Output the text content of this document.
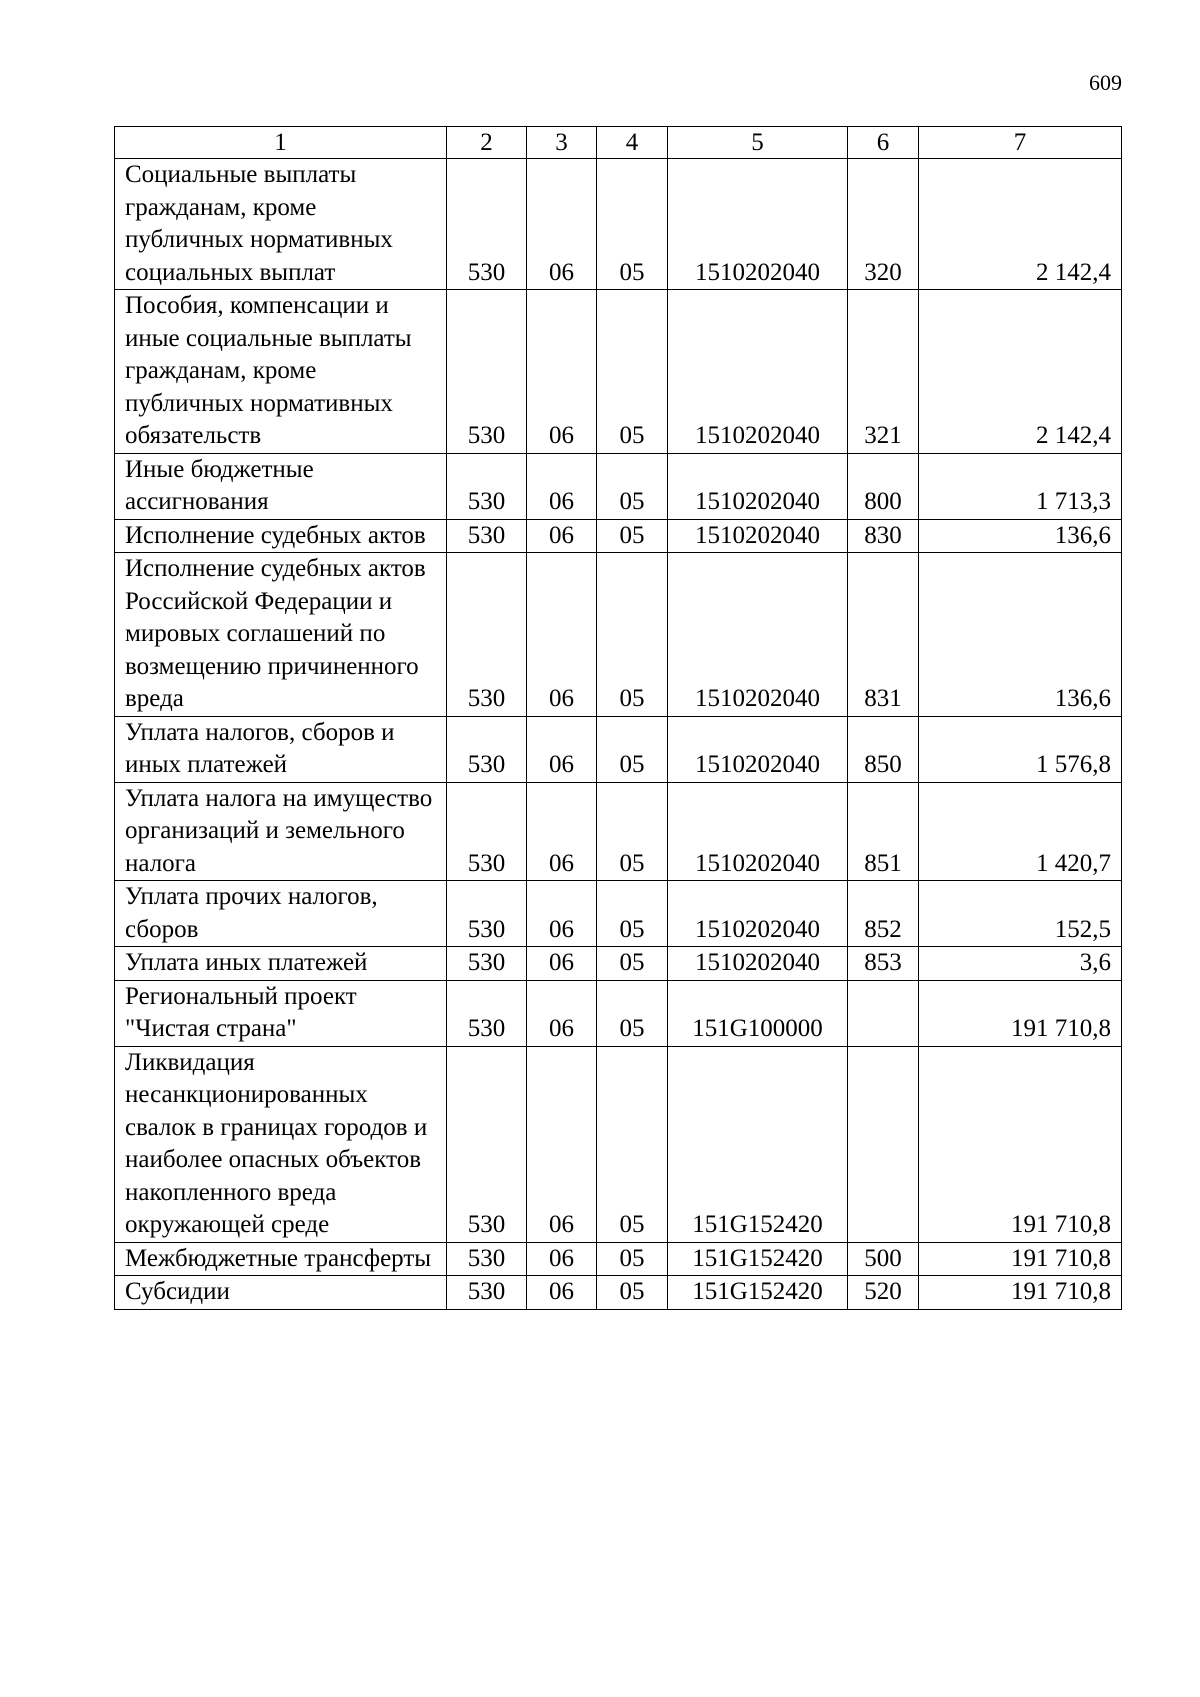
609
1	2	3	4	5	6	7
Социальные выплаты гражданам, кроме публичных нормативных социальных выплат	530	06	05	1510202040	320	2 142,4
Пособия, компенсации и иные социальные выплаты гражданам, кроме публичных нормативных обязательств	530	06	05	1510202040	321	2 142,4
Иные бюджетные ассигнования	530	06	05	1510202040	800	1 713,3
Исполнение судебных актов	530	06	05	1510202040	830	136,6
Исполнение судебных актов Российской Федерации и мировых соглашений по возмещению причиненного вреда	530	06	05	1510202040	831	136,6
Уплата налогов, сборов и иных платежей	530	06	05	1510202040	850	1 576,8
Уплата налога на имущество организаций и земельного налога	530	06	05	1510202040	851	1 420,7
Уплата прочих налогов, сборов	530	06	05	1510202040	852	152,5
Уплата иных платежей	530	06	05	1510202040	853	3,6
Региональный проект "Чистая страна"	530	06	05	151G100000		191 710,8
Ликвидация несанкционированных свалок в границах городов и наиболее опасных объектов накопленного вреда окружающей среде	530	06	05	151G152420		191 710,8
Межбюджетные трансферты	530	06	05	151G152420	500	191 710,8
Субсидии	530	06	05	151G152420	520	191 710,8
